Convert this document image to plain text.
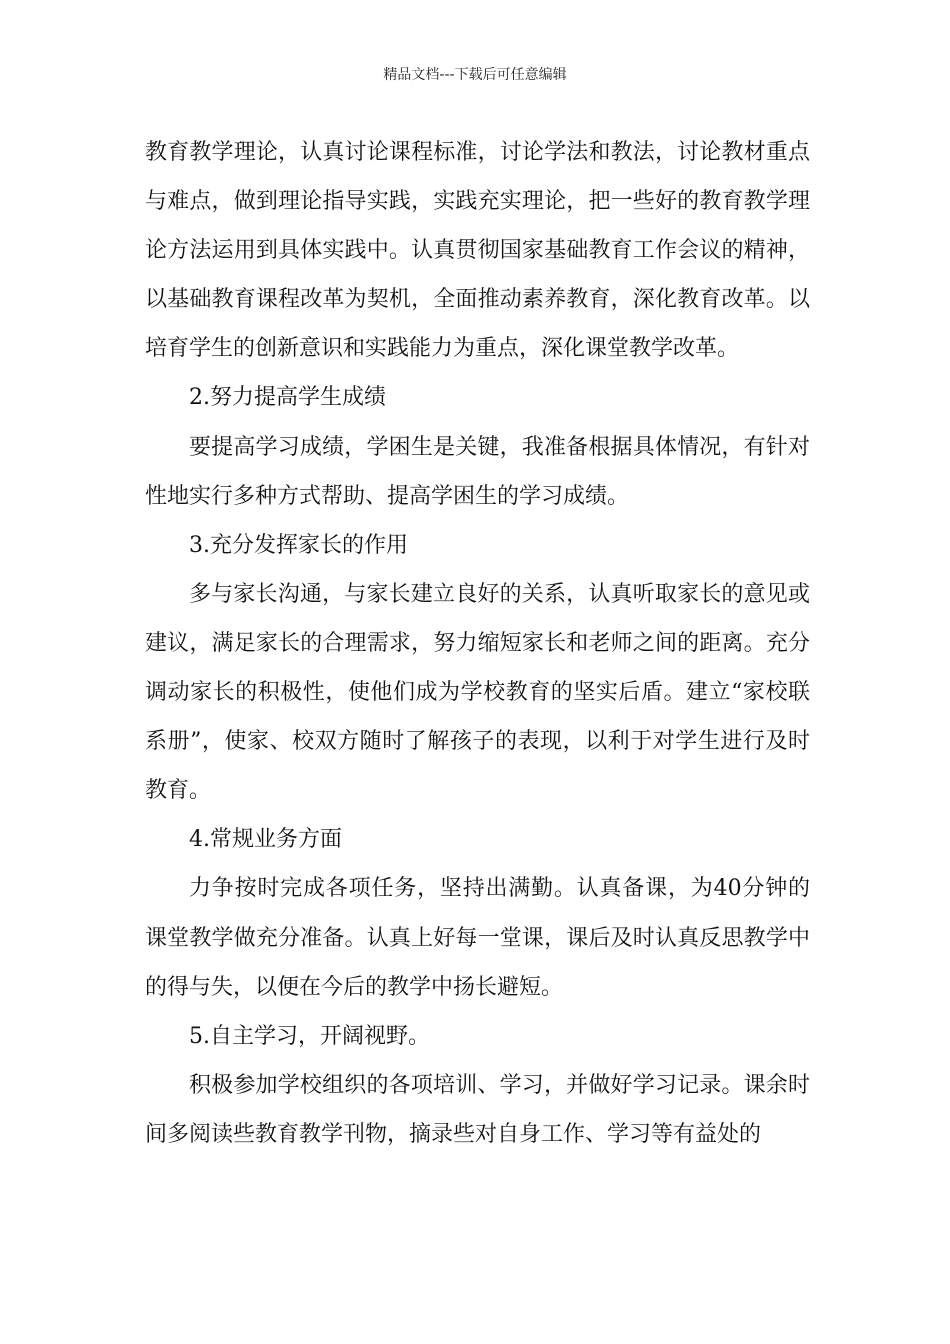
精品文档---下载后可任意编辑

教育教学理论，认真讨论课程标准，讨论学法和教法，讨论教材重点与难点，做到理论指导实践，实践充实理论，把一些好的教育教学理论方法运用到具体实践中。认真贯彻国家基础教育工作会议的精神，以基础教育课程改革为契机，全面推动素养教育，深化教育改革。以培育学生的创新意识和实践能力为重点，深化课堂教学改革。

2.努力提高学生成绩

要提高学习成绩，学困生是关键，我准备根据具体情况，有针对性地实行多种方式帮助、提高学困生的学习成绩。

3.充分发挥家长的作用

多与家长沟通，与家长建立良好的关系，认真听取家长的意见或建议，满足家长的合理需求，努力缩短家长和老师之间的距离。充分调动家长的积极性，使他们成为学校教育的坚实后盾。建立“家校联系册”，使家、校双方随时了解孩子的表现，以利于对学生进行及时教育。

4.常规业务方面

力争按时完成各项任务，坚持出满勤。认真备课，为40分钟的课堂教学做充分准备。认真上好每一堂课，课后及时认真反思教学中的得与失，以便在今后的教学中扬长避短。

5.自主学习，开阔视野。

积极参加学校组织的各项培训、学习，并做好学习记录。课余时间多阅读些教育教学刊物，摘录些对自身工作、学习等有益处的
